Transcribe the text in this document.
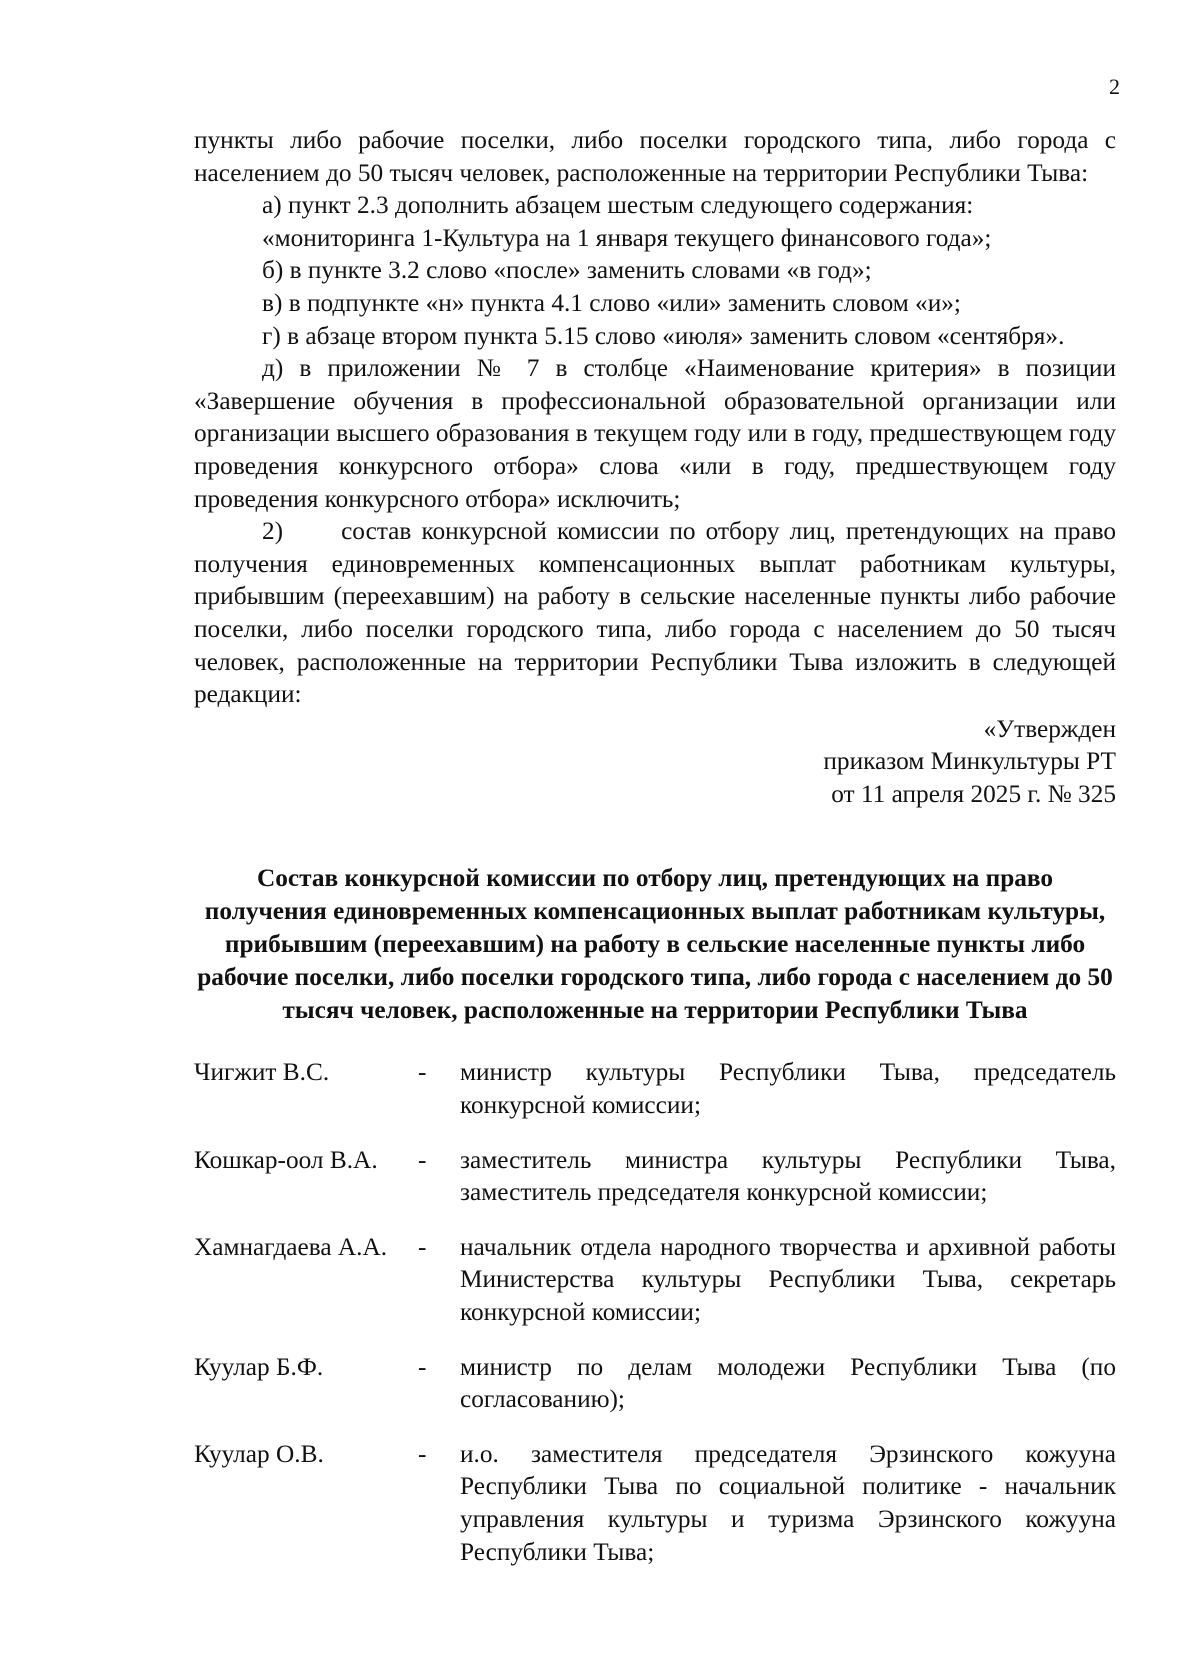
2

пункты либо рабочие поселки, либо поселки городского типа, либо города с населением до 50 тысяч человек, расположенные на территории Республики Тыва:

а) пункт 2.3 дополнить абзацем шестым следующего содержания:

«мониторинга 1-Культура на 1 января текущего финансового года»;

б) в пункте 3.2 слово «после» заменить словами «в год»;

в) в подпункте «н» пункта 4.1 слово «или» заменить словом «и»;

г) в абзаце втором пункта 5.15 слово «июля» заменить словом «сентября».

д) в приложении № 7 в столбце «Наименование критерия» в позиции «Завершение обучения в профессиональной образовательной организации или организации высшего образования в текущем году или в году, предшествующем году проведения конкурсного отбора» слова «или в году, предшествующем году проведения конкурсного отбора» исключить;

2) состав конкурсной комиссии по отбору лиц, претендующих на право получения единовременных компенсационных выплат работникам культуры, прибывшим (переехавшим) на работу в сельские населенные пункты либо рабочие поселки, либо поселки городского типа, либо города с населением до 50 тысяч человек, расположенные на территории Республики Тыва изложить в следующей редакции:

«Утвержден
приказом Минкультуры РТ
от 11 апреля 2025 г. № 325
Состав конкурсной комиссии по отбору лиц, претендующих на право получения единовременных компенсационных выплат работникам культуры, прибывшим (переехавшим) на работу в сельские населенные пункты либо рабочие поселки, либо поселки городского типа, либо города с населением до 50 тысяч человек, расположенные на территории Республики Тыва
Чигжит В.С.	-	министр культуры Республики Тыва, председатель конкурсной комиссии;
Кошкар-оол В.А.	-	заместитель министра культуры Республики Тыва, заместитель председателя конкурсной комиссии;
Хамнагдаева А.А.	-	начальник отдела народного творчества и архивной работы Министерства культуры Республики Тыва, секретарь конкурсной комиссии;
Куулар Б.Ф.	-	министр по делам молодежи Республики Тыва (по согласованию);
Куулар О.В.	-	и.о. заместителя председателя Эрзинского кожууна Республики Тыва по социальной политике - начальник управления культуры и туризма Эрзинского кожууна Республики Тыва;
